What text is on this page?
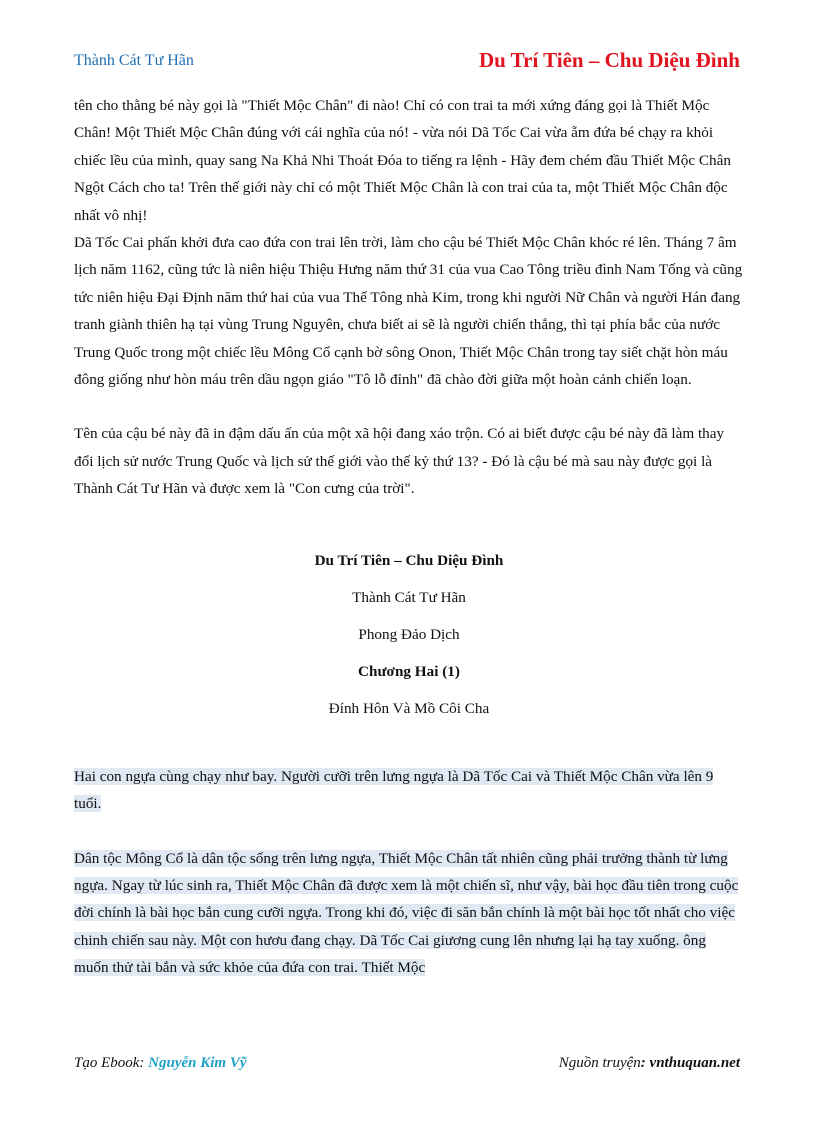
Thành Cát Tư Hãn	Du Trí Tiên – Chu Diệu Đình

tên cho thằng bé này gọi là "Thiết Mộc Chân" đi nào! Chỉ có con trai ta mới xứng đáng gọi là Thiết Mộc Chân! Một Thiết Mộc Chân đúng với cái nghĩa của nó! - vừa nói Dã Tốc Cai vừa ẵm đứa bé chạy ra khỏi chiếc lều của mình, quay sang Na Khả Nhi Thoát Đóa to tiếng ra lệnh - Hãy đem chém đầu Thiết Mộc Chân Ngột Cách cho ta! Trên thế giới này chỉ có một Thiết Mộc Chân là con trai của ta, một Thiết Mộc Chân độc nhất vô nhị!

Dã Tốc Cai phấn khởi đưa cao đứa con trai lên trời, làm cho cậu bé Thiết Mộc Chân khóc ré lên. Tháng 7 âm lịch năm 1162, cũng tức là niên hiệu Thiệu Hưng năm thứ 31 của vua Cao Tông triều đình Nam Tống và cũng tức niên hiệu Đại Định năm thứ hai của vua Thế Tông nhà Kim, trong khi người Nữ Chân và người Hán đang tranh giành thiên hạ tại vùng Trung Nguyên, chưa biết ai sẽ là người chiến thắng, thì tại phía bắc của nước Trung Quốc trong một chiếc lều Mông Cổ cạnh bờ sông Onon, Thiết Mộc Chân trong tay siết chặt hòn máu đông giống như hòn máu trên dầu ngọn giáo "Tô lỗ đỉnh" đã chào đời giữa một hoàn cảnh chiến loạn.

Tên của cậu bé này đã in đậm dấu ấn của một xã hội đang xáo trộn. Có ai biết được cậu bé này đã làm thay đổi lịch sử nước Trung Quốc và lịch sử thế giới vào thế kỷ thứ 13? - Đó là cậu bé mà sau này được gọi là Thành Cát Tư Hãn và được xem là "Con cưng của trời".

Du Trí Tiên – Chu Diệu Đình

Thành Cát Tư Hãn

Phong Đảo Dịch

Chương Hai (1)

Đính Hôn Và Mồ Côi Cha

Hai con ngựa cùng chạy như bay. Người cưỡi trên lưng ngựa là Dã Tốc Cai và Thiết Mộc Chân vừa lên 9 tuổi.

Dân tộc Mông Cổ là dân tộc sống trên lưng ngựa, Thiết Mộc Chân tất nhiên cũng phải trưởng thành từ lưng ngựa. Ngay từ lúc sinh ra, Thiết Mộc Chân đã được xem là một chiến sĩ, như vậy, bài học đầu tiên trong cuộc đời chính là bài học bắn cung cưỡi ngựa. Trong khi đó, việc đi săn bắn chính là một bài học tốt nhất cho việc chinh chiến sau này. Một con hươu đang chạy. Dã Tốc Cai giương cung lên nhưng lại hạ tay xuống. ông muốn thử tài bắn và sức khỏe của đứa con trai. Thiết Mộc

Tạo Ebook: Nguyễn Kim Vỹ	Nguồn truyện: vnthuquan.net
